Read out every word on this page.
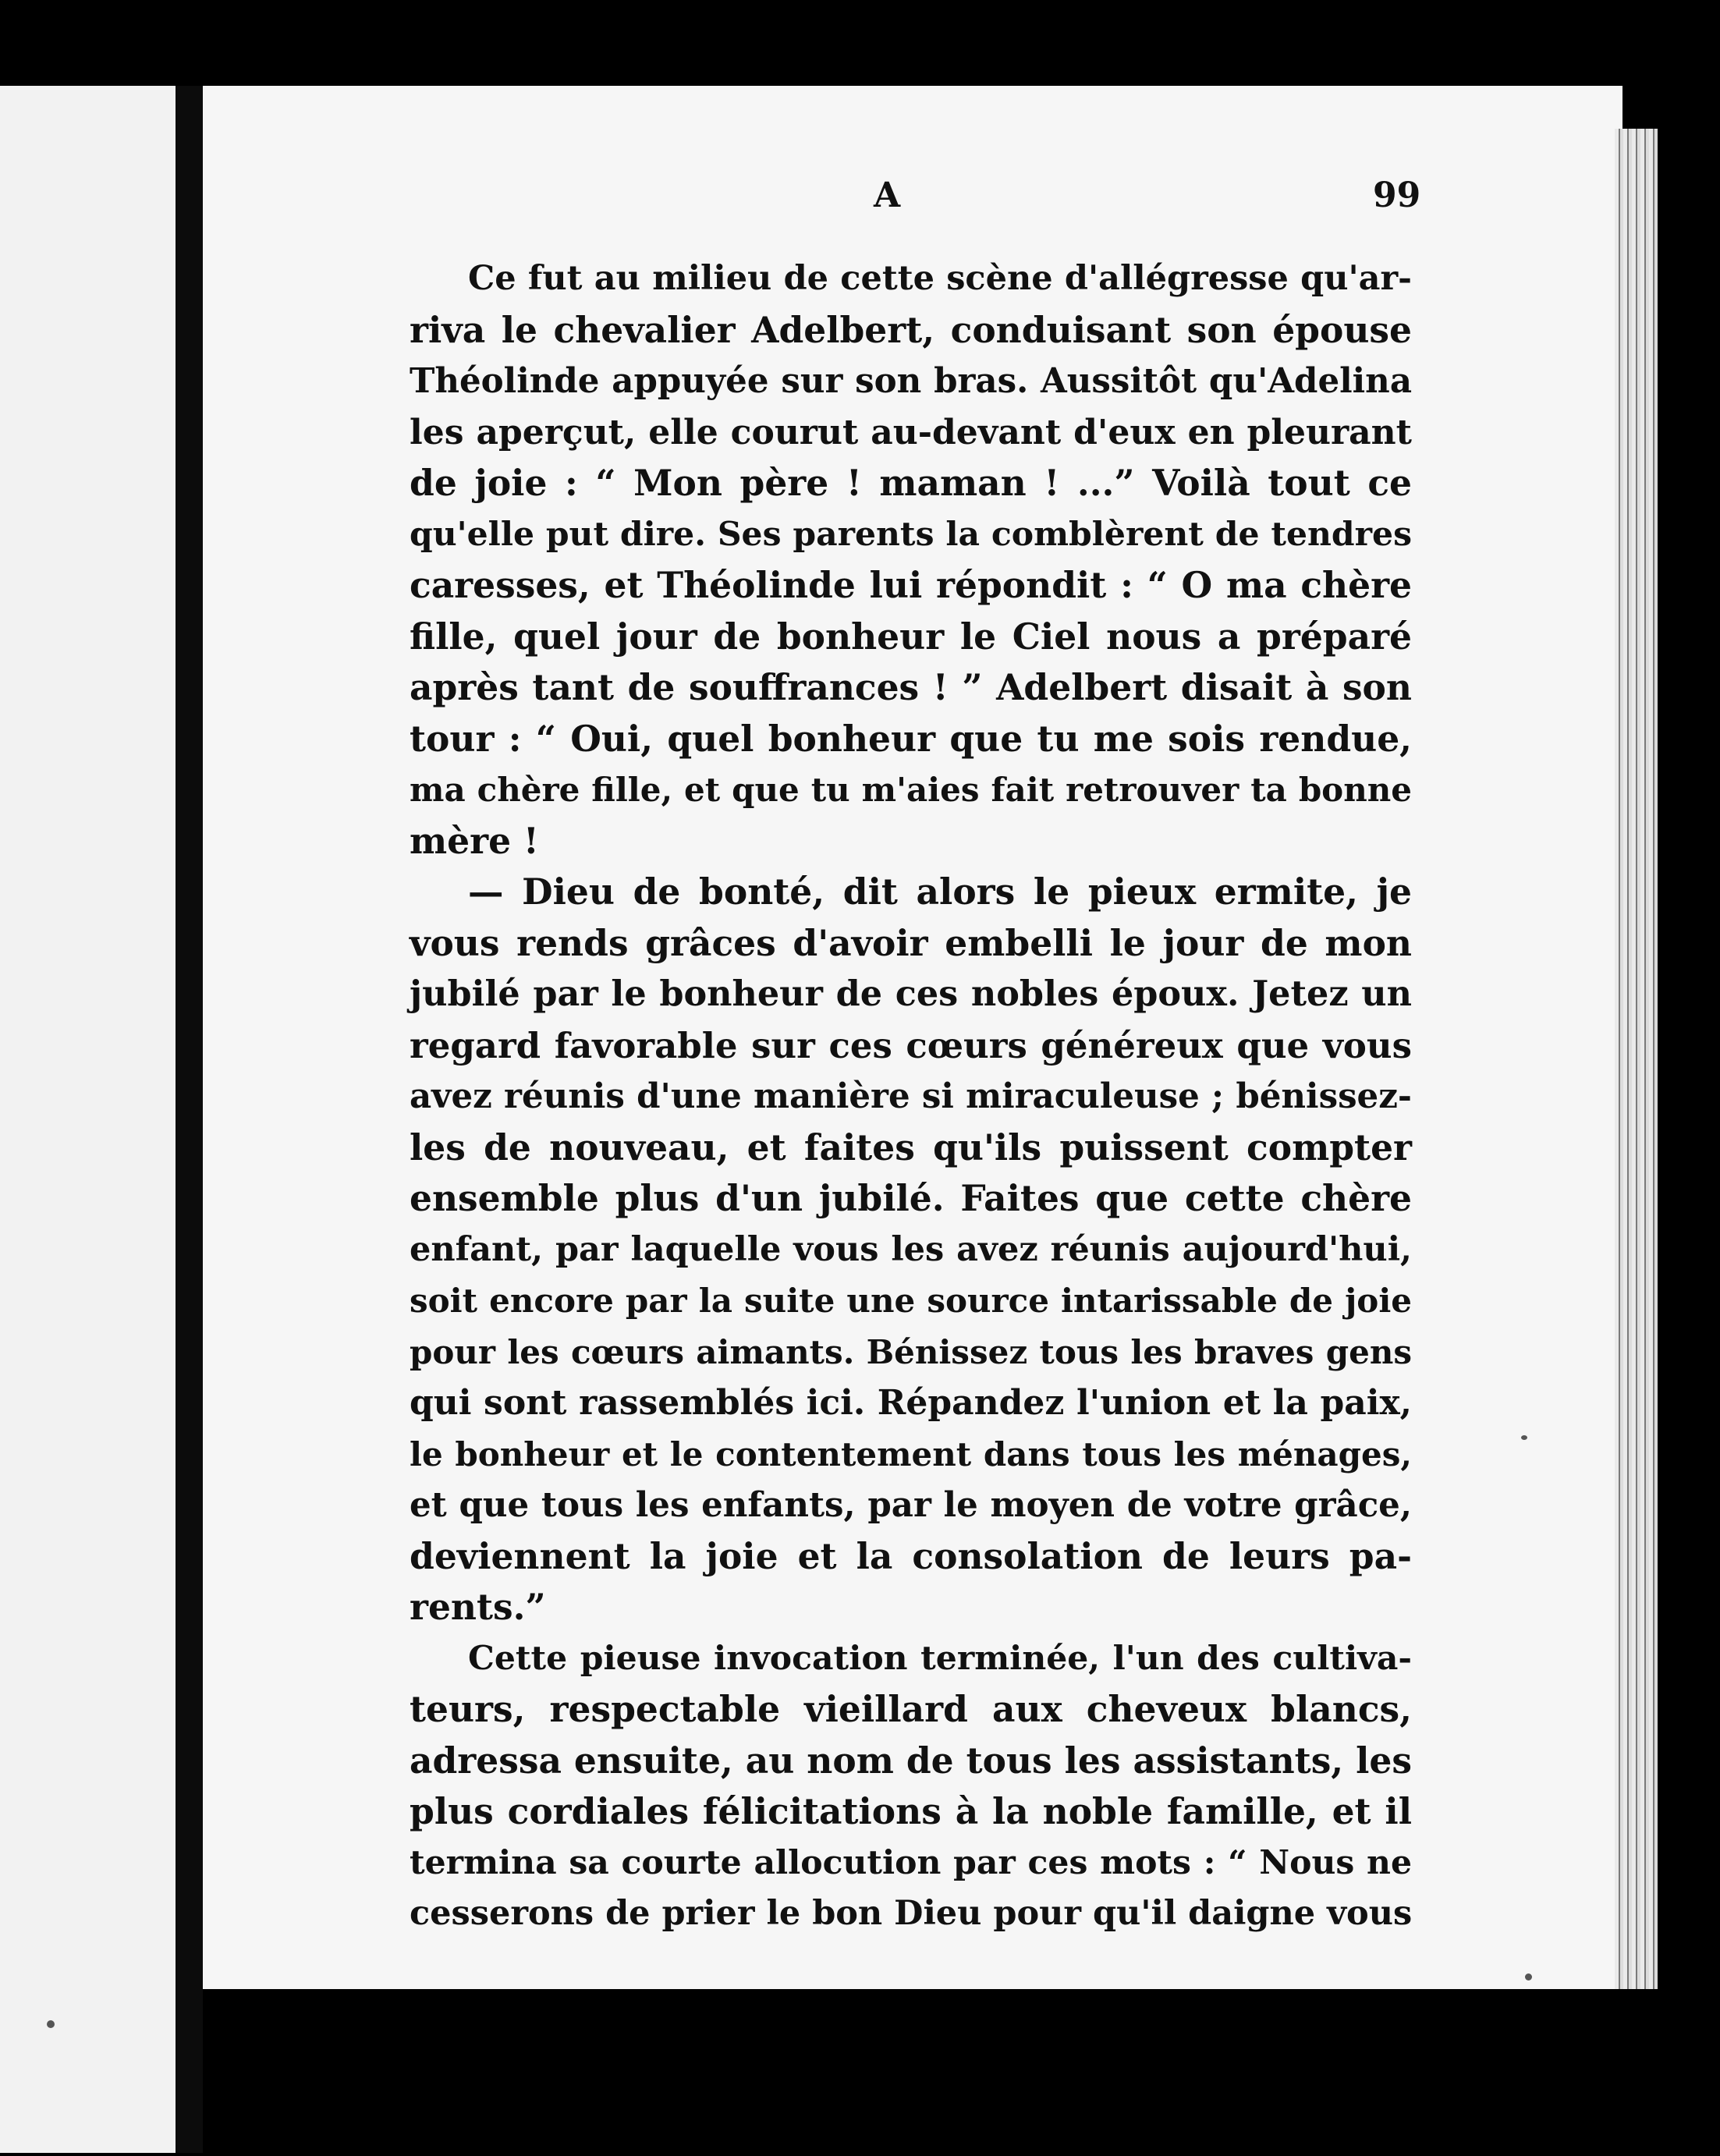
A	99
Ce fut au milieu de cette scène d'allégresse qu'ar-
riva le chevalier Adelbert, conduisant son épouse
Théolinde appuyée sur son bras. Aussitôt qu'Adelina
les aperçut, elle courut au-devant d'eux en pleurant
de joie : “ Mon père ! maman ! ...” Voilà tout ce
qu'elle put dire. Ses parents la comblèrent de tendres
caresses, et Théolinde lui répondit : “ O ma chère
fille, quel jour de bonheur le Ciel nous a préparé
après tant de souffrances ! ” Adelbert disait à son
tour : “ Oui, quel bonheur que tu me sois rendue,
ma chère fille, et que tu m'aies fait retrouver ta bonne
mère !
— Dieu de bonté, dit alors le pieux ermite, je
vous rends grâces d'avoir embelli le jour de mon
jubilé par le bonheur de ces nobles époux. Jetez un
regard favorable sur ces cœurs généreux que vous
avez réunis d'une manière si miraculeuse ; bénissez-
les de nouveau, et faites qu'ils puissent compter
ensemble plus d'un jubilé. Faites que cette chère
enfant, par laquelle vous les avez réunis aujourd'hui,
soit encore par la suite une source intarissable de joie
pour les cœurs aimants. Bénissez tous les braves gens
qui sont rassemblés ici. Répandez l'union et la paix,
le bonheur et le contentement dans tous les ménages,
et que tous les enfants, par le moyen de votre grâce,
deviennent la joie et la consolation de leurs pa-
rents.”
Cette pieuse invocation terminée, l'un des cultiva-
teurs, respectable vieillard aux cheveux blancs,
adressa ensuite, au nom de tous les assistants, les
plus cordiales félicitations à la noble famille, et il
termina sa courte allocution par ces mots : “ Nous ne
cesserons de prier le bon Dieu pour qu'il daigne vous
